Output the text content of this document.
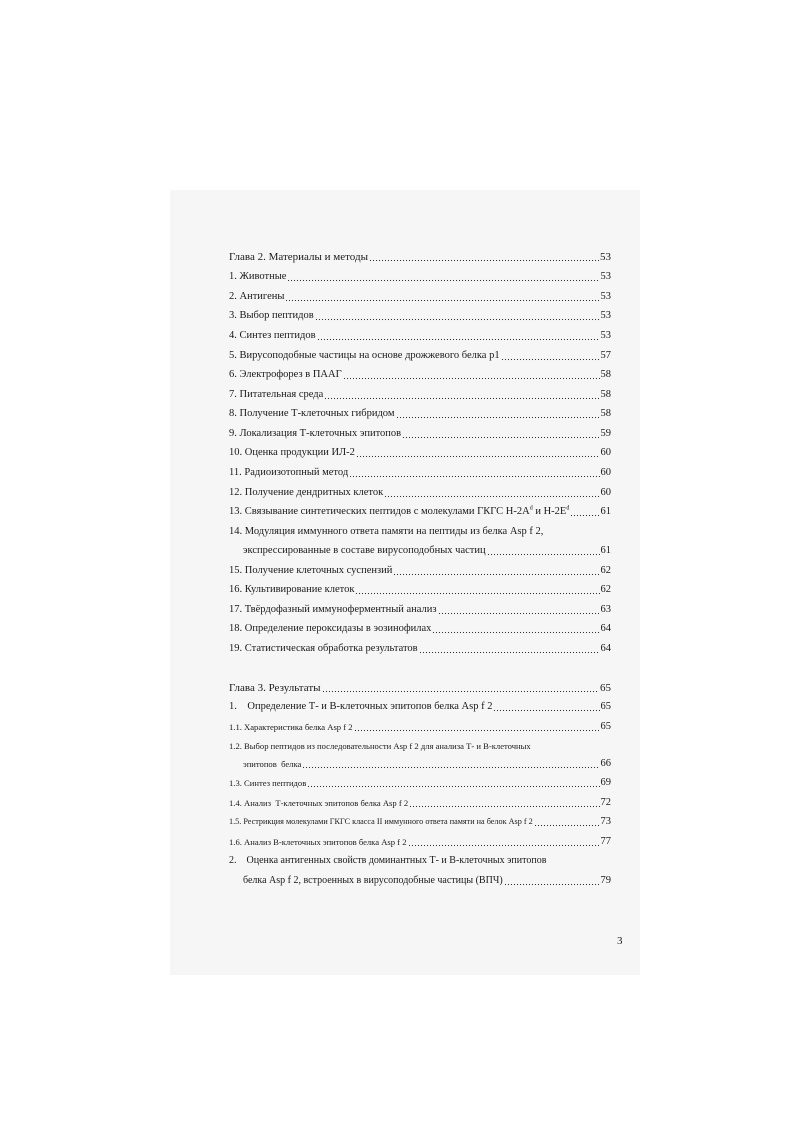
Глава 2. Материалы и методы	53
1. Животные	53
2. Антигены	53
3. Выбор пептидов	53
4. Синтез пептидов	53
5. Вирусоподобные частицы на основе дрожжевого белка p1	57
6. Электрофорез в ПААГ	58
7. Питательная среда	58
8. Получение Т-клеточных гибридом	58
9. Локализация Т-клеточных эпитопов	59
10. Оценка продукции ИЛ-2	60
11. Радиоизотопный метод	60
12. Получение дендритных клеток	60
13. Связывание синтетических пептидов с молекулами ГКГС $H-2A^d$ и $H-2E^d$	61
14. Модуляция иммунного ответа памяти на пептиды из белка Asp f 2,
экспрессированные в составе вирусоподобных частиц	61
15. Получение клеточных суспензий	62
16. Культивирование клеток	62
17. Твёрдофазный иммуноферментный анализ	63
18. Определение пероксидазы в эозинофилах	64
19. Статистическая обработка результатов	64
Глава 3. Результаты	65
1.    Определение Т- и В-клеточных эпитопов белка Asp f 2	65
1.1. Характеристика белка Asp f 2	65
1.2. Выбор пептидов из последовательности Asp f 2 для анализа Т- и В-клеточных
эпитопов  белка	66
1.3. Синтез пептидов	69
1.4. Анализ  Т-клеточных эпитопов белка Asp f 2	72
1.5. Рестрикция молекулами ГКГС класса II иммунного ответа памяти на белок Asp f 2	73
1.6. Анализ В-клеточных эпитопов белка Asp f 2	77
2.    Оценка антигенных свойств доминантных Т- и В-клеточных эпитопов
белка Asp f 2, встроенных в вирусоподобные частицы (ВПЧ)	79
3
